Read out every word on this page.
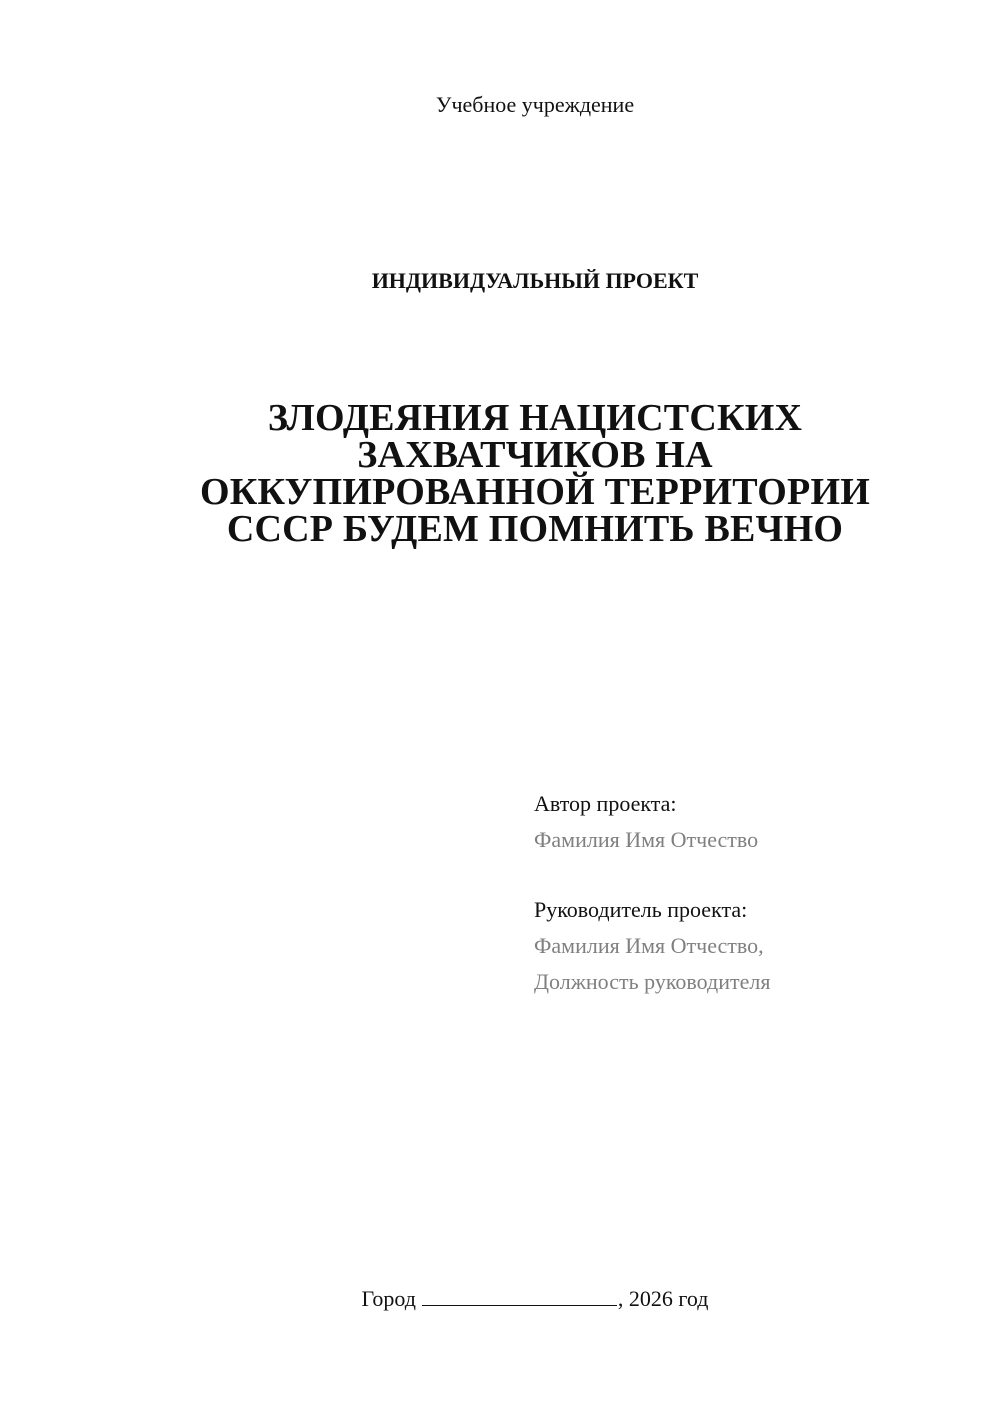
Учебное учреждение
ИНДИВИДУАЛЬНЫЙ ПРОЕКТ
ЗЛОДЕЯНИЯ НАЦИСТСКИХ
ЗАХВАТЧИКОВ НА
ОККУПИРОВАННОЙ ТЕРРИТОРИИ
СССР БУДЕМ ПОМНИТЬ ВЕЧНО
Автор проекта:
Фамилия Имя Отчество
Руководитель проекта:
Фамилия Имя Отчество,
Должность руководителя
Город	, 2026 год
